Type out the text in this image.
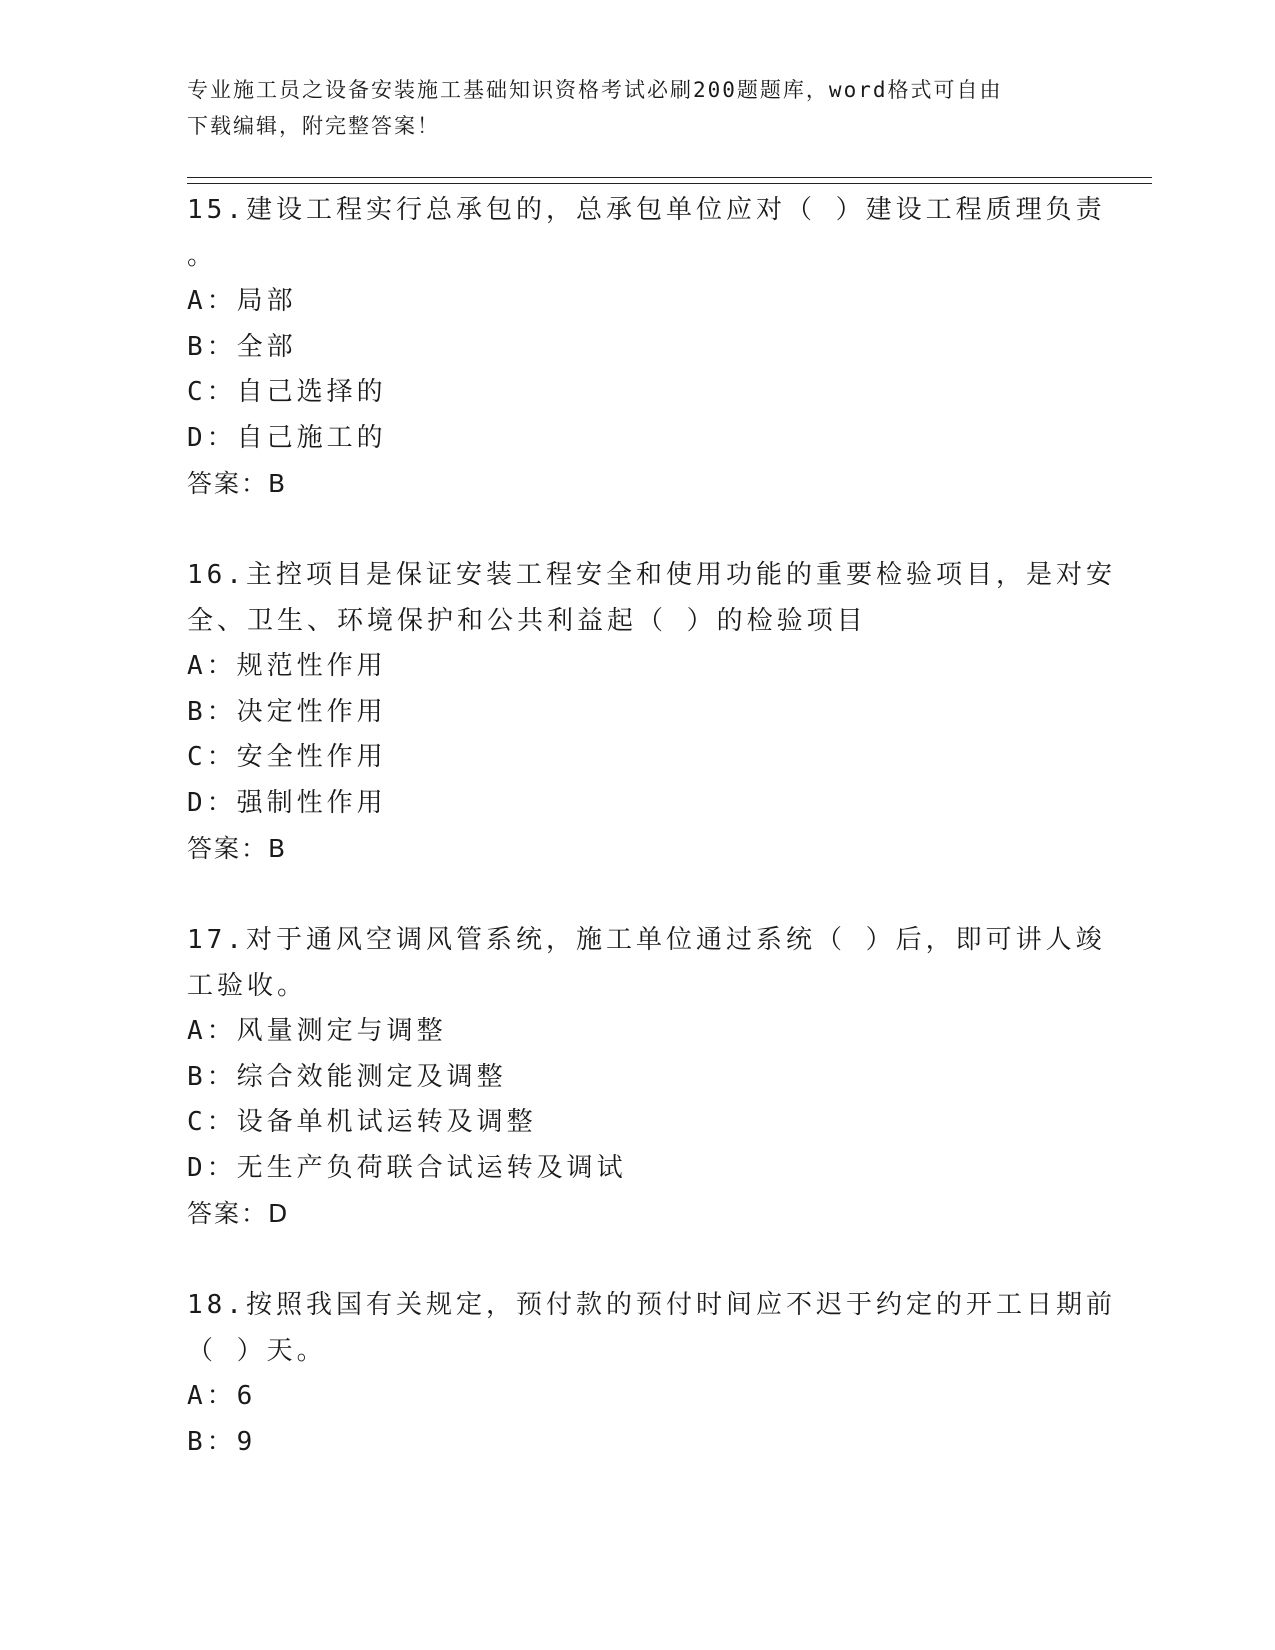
专业施工员之设备安装施工基础知识资格考试必刷200题题库，word格式可自由
下载编辑，附完整答案！
15.建设工程实行总承包的，总承包单位应对（ ）建设工程质理负责
。
A：局部
B：全部
C：自己选择的
D：自己施工的
答案：B
16.主控项目是保证安装工程安全和使用功能的重要检验项目，是对安
全、卫生、环境保护和公共利益起（ ）的检验项目
A：规范性作用
B：决定性作用
C：安全性作用
D：强制性作用
答案：B
17.对于通风空调风管系统，施工单位通过系统（ ）后，即可讲人竣
工验收。
A：风量测定与调整
B：综合效能测定及调整
C：设备单机试运转及调整
D：无生产负荷联合试运转及调试
答案：D
18.按照我国有关规定，预付款的预付时间应不迟于约定的开工日期前
（ ）天。
A：6
B：9
